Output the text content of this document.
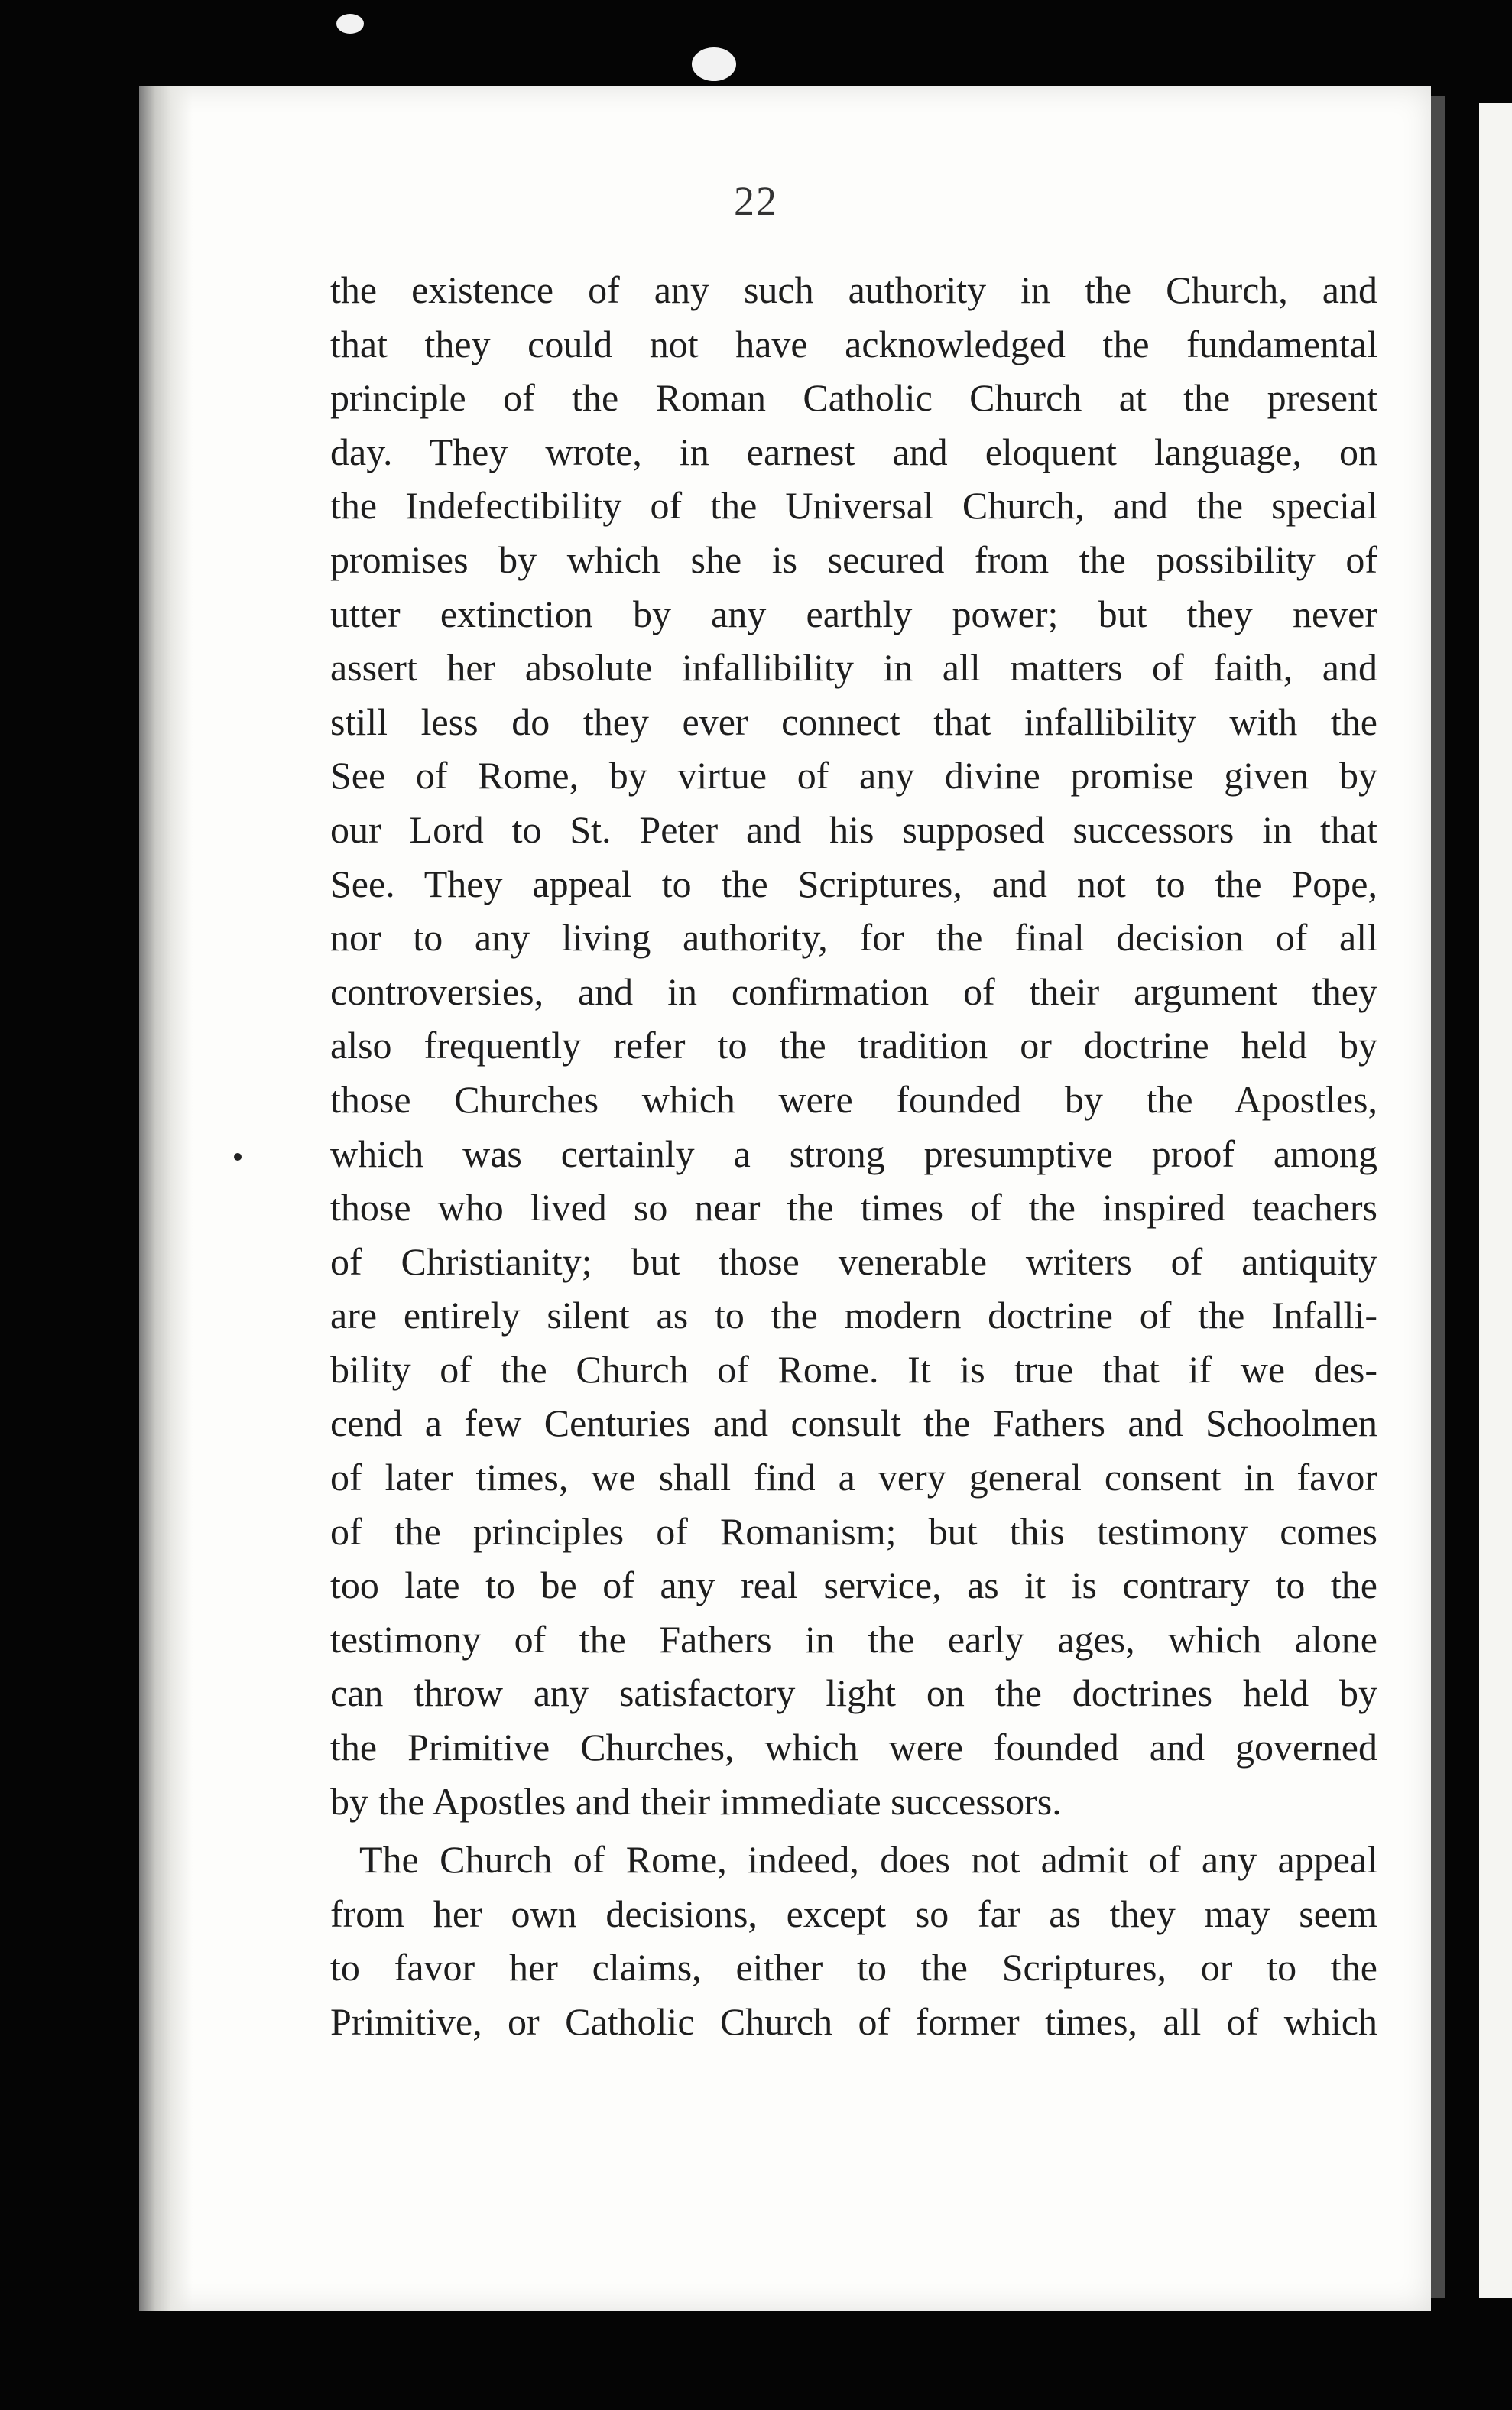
22
the existence of any such authority in the Church, and
that they could not have acknowledged the fundamental
principle of the Roman Catholic Church at the present
day. They wrote, in earnest and eloquent language, on
the Indefectibility of the Universal Church, and the special
promises by which she is secured from the possibility of
utter extinction by any earthly power; but they never
assert her absolute infallibility in all matters of faith, and
still less do they ever connect that infallibility with the
See of Rome, by virtue of any divine promise given by
our Lord to St. Peter and his supposed successors in that
See. They appeal to the Scriptures, and not to the Pope,
nor to any living authority, for the final decision of all
controversies, and in confirmation of their argument they
also frequently refer to the tradition or doctrine held by
those Churches which were founded by the Apostles,
which was certainly a strong presumptive proof among
those who lived so near the times of the inspired teachers
of Christianity; but those venerable writers of antiquity
are entirely silent as to the modern doctrine of the Infalli-
bility of the Church of Rome. It is true that if we des-
cend a few Centuries and consult the Fathers and Schoolmen
of later times, we shall find a very general consent in favor
of the principles of Romanism; but this testimony comes
too late to be of any real service, as it is contrary to the
testimony of the Fathers in the early ages, which alone
can throw any satisfactory light on the doctrines held by
the Primitive Churches, which were founded and governed
by the Apostles and their immediate successors.
The Church of Rome, indeed, does not admit of any appeal
from her own decisions, except so far as they may seem
to favor her claims, either to the Scriptures, or to the
Primitive, or Catholic Church of former times, all of which
